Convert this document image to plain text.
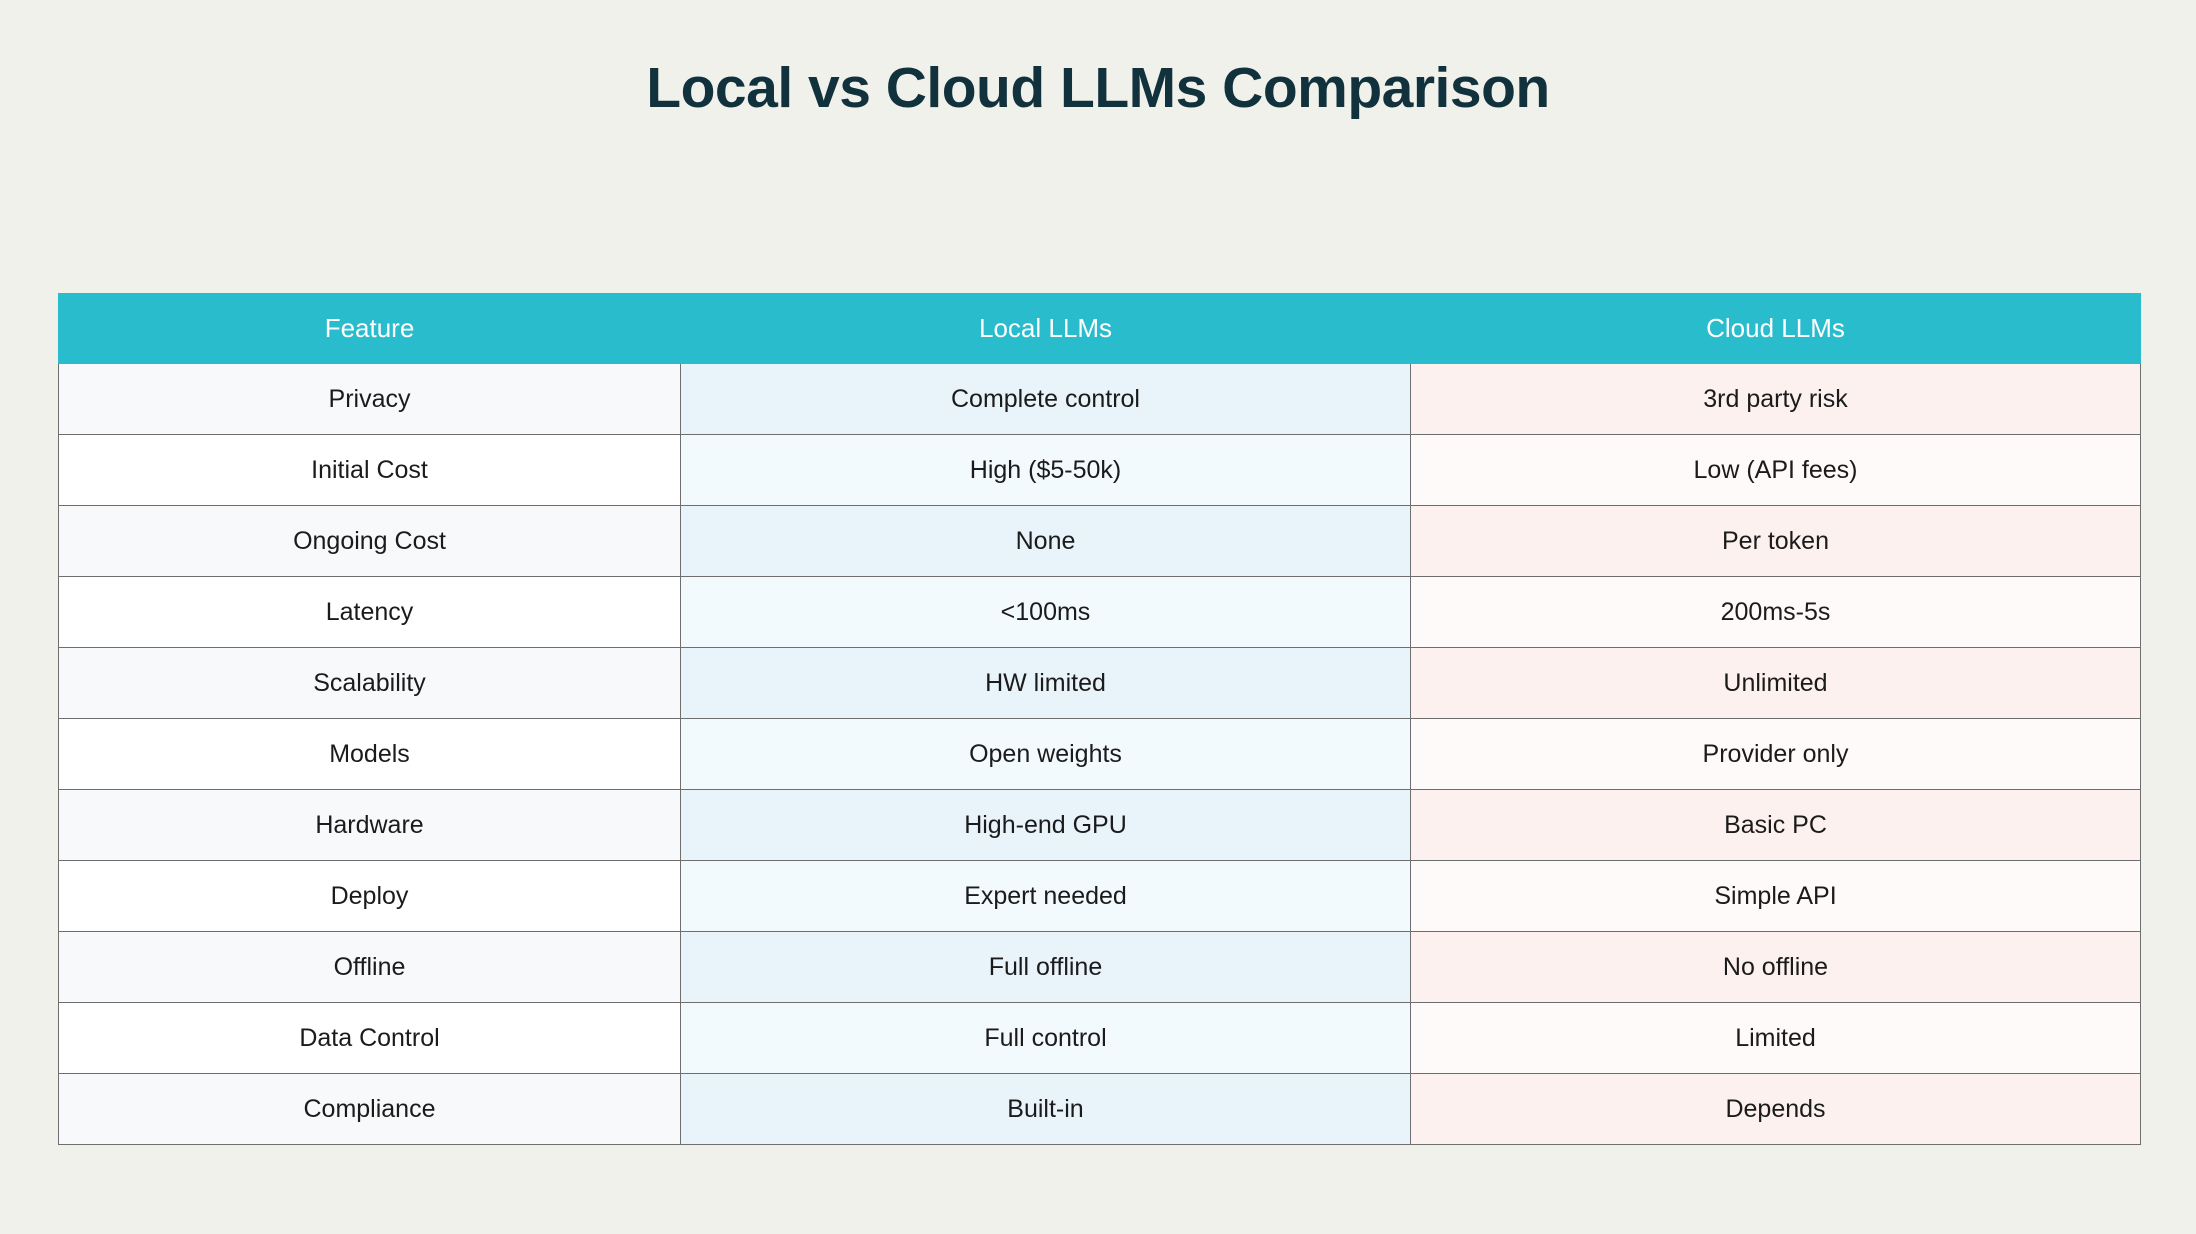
Local vs Cloud LLMs Comparison
Feature	Local LLMs	Cloud LLMs
Privacy	Complete control	3rd party risk
Initial Cost	High ($5-50k)	Low (API fees)
Ongoing Cost	None	Per token
Latency	<100ms	200ms-5s
Scalability	HW limited	Unlimited
Models	Open weights	Provider only
Hardware	High-end GPU	Basic PC
Deploy	Expert needed	Simple API
Offline	Full offline	No offline
Data Control	Full control	Limited
Compliance	Built-in	Depends
